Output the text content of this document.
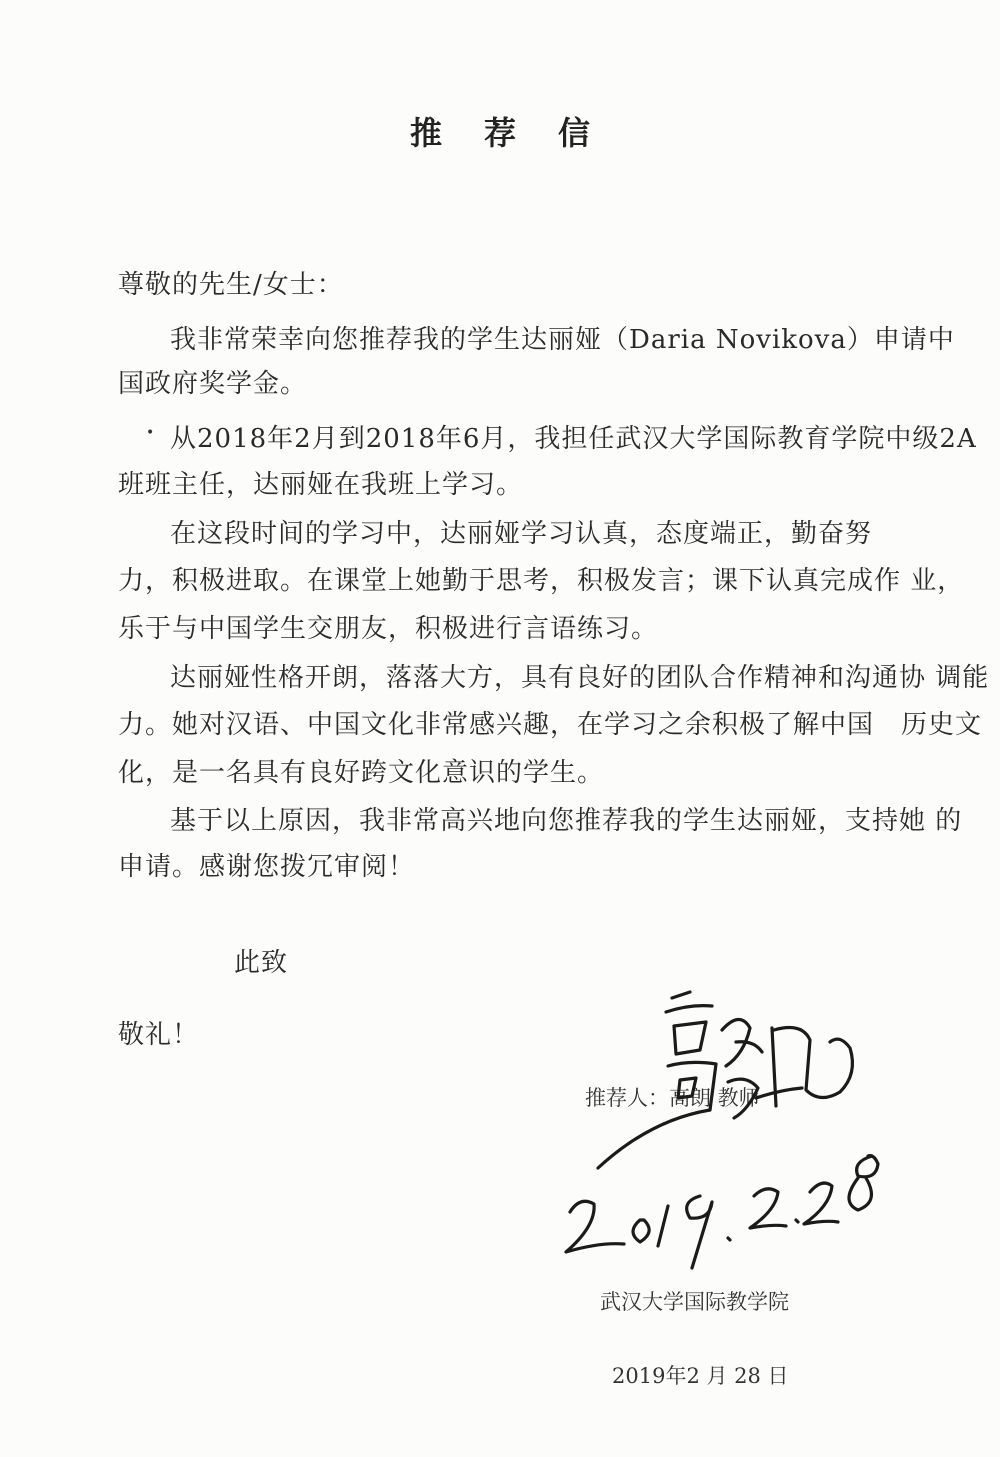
推荐信
尊敬的先生/女士：
我非常荣幸向您推荐我的学生达丽娅（Daria Novikova）申请中
国政府奖学金。
• 从2018年2月到2018年6月，我担任武汉大学国际教育学院中级2A
班班主任，达丽娅在我班上学习。
在这段时间的学习中，达丽娅学习认真，态度端正，勤奋努
力，积极进取。在课堂上她勤于思考，积极发言；课下认真完成作 业，
乐于与中国学生交朋友，积极进行言语练习。
达丽娅性格开朗，落落大方，具有良好的团队合作精神和沟通协 调能
力。她对汉语、中国文化非常感兴趣，在学习之余积极了解中国　历史文
化，是一名具有良好跨文化意识的学生。
基于以上原因，我非常高兴地向您推荐我的学生达丽娅，支持她 的
申请。感谢您拨冗审阅！
此致
敬礼！
推荐人：高朗 教师
武汉大学国际教学院
2019年2 月 28 日
